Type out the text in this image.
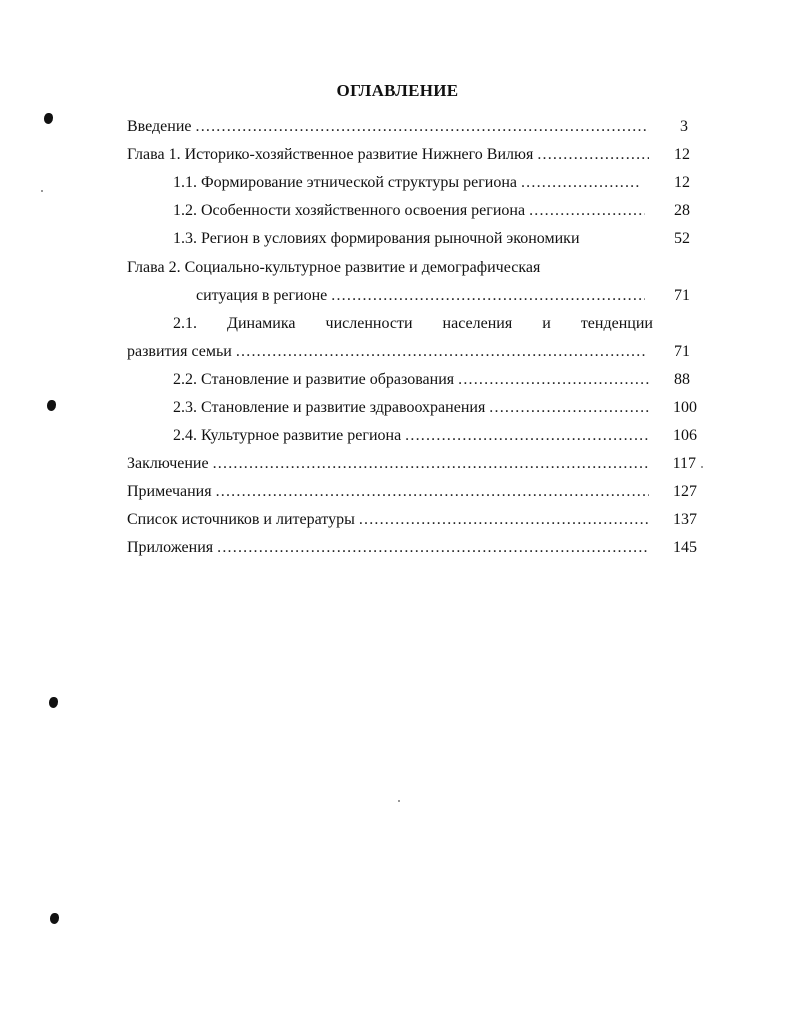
ОГЛАВЛЕНИЕ
Введение .....	3
Глава 1. Историко-хозяйственное развитие Нижнего Вилюя .....	12
1.1. Формирование этнической структуры региона .....	12
1.2. Особенности хозяйственного освоения региона .....	28
1.3. Регион в условиях формирования рыночной экономики	52
Глава 2. Социально-культурное развитие и демографическая
ситуация в регионе .....	71
2.1. Динамика численности населения и тенденции
развития семьи .....	71
2.2. Становление и развитие образования .....	88
2.3. Становление и развитие здравоохранения .....	100
2.4. Культурное развитие региона .....	106
Заключение .....	117
Примечания .....	127
Список источников и литературы .....	137
Приложения .....	145
